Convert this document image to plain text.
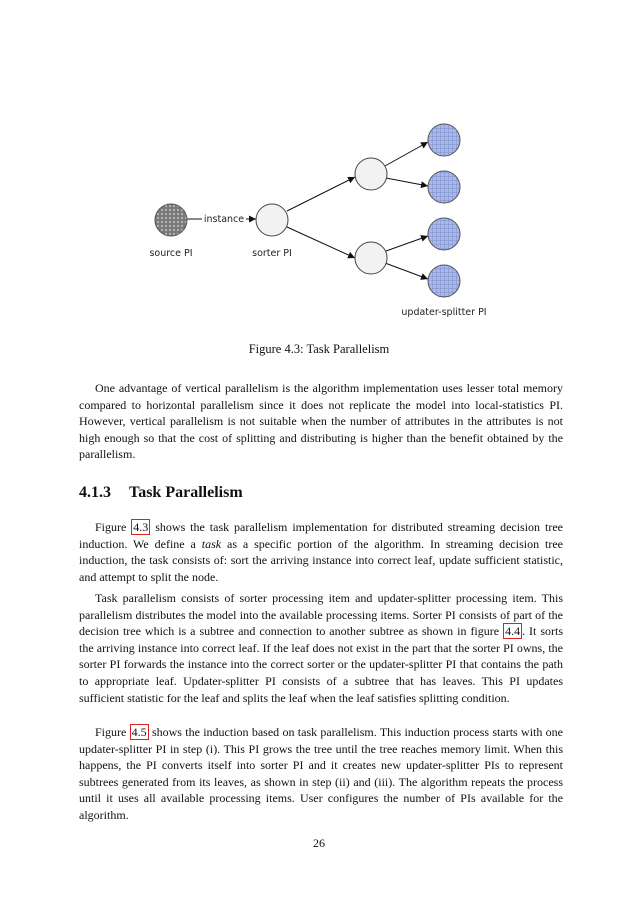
instance
source PI	sorter PI
updater-splitter PI
Figure 4.3: Task Parallelism

One advantage of vertical parallelism is the algorithm implementation uses lesser total memory compared to horizontal parallelism since it does not replicate the model into local-statistics PI. However, vertical parallelism is not suitable when the number of attributes in the attributes is not high enough so that the cost of splitting and distributing is higher than the benefit obtained by the parallelism.

4.1.3 Task Parallelism

Figure 4.3 shows the task parallelism implementation for distributed streaming decision tree induction. We define a task as a specific portion of the algorithm. In streaming decision tree induction, the task consists of: sort the arriving instance into correct leaf, update sufficient statistic, and attempt to split the node.

Task parallelism consists of sorter processing item and updater-splitter processing item. This parallelism distributes the model into the available processing items. Sorter PI consists of part of the decision tree which is a subtree and connection to another subtree as shown in figure 4.4 . It sorts the arriving instance into correct leaf. If the leaf does not exist in the part that the sorter PI owns, the sorter PI forwards the instance into the correct sorter or the updater-splitter PI that contains the path to appropriate leaf. Updater-splitter PI consists of a subtree that has leaves. This PI updates sufficient statistic for the leaf and splits the leaf when the leaf satisfies splitting condition.

Figure 4.5 shows the induction based on task parallelism. This induction process starts with one updater-splitter PI in step (i). This PI grows the tree until the tree reaches memory limit. When this happens, the PI converts itself into sorter PI and it creates new updater-splitter PIs to represent subtrees generated from its leaves, as shown in step (ii) and (iii). The algorithm repeats the process until it uses all available processing items. User configures the number of PIs available for the algorithm.

26
